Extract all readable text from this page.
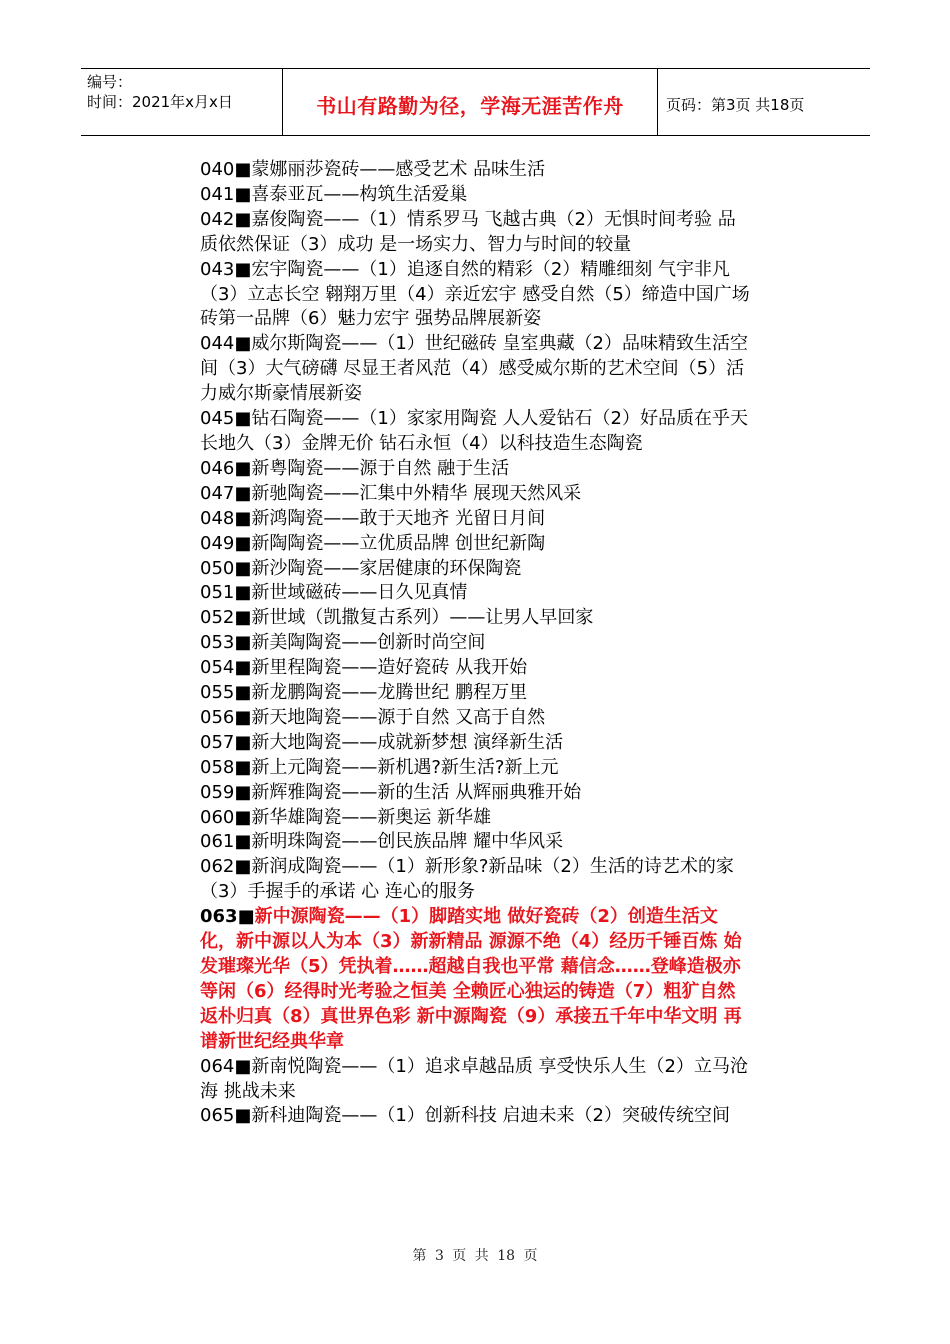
编号：
时间：2021年x月x日	书山有路勤为径，学海无涯苦作舟	页码：第3页 共18页
040■蒙娜丽莎瓷砖——感受艺术 品味生活
041■喜泰亚瓦——构筑生活爱巢
042■嘉俊陶瓷——（1）情系罗马 飞越古典（2）无惧时间考验 品质依然保证（3）成功 是一场实力、智力与时间的较量
043■宏宇陶瓷——（1）追逐自然的精彩（2）精雕细刻 气宇非凡（3）立志长空 翱翔万里（4）亲近宏宇 感受自然（5）缔造中国广场砖第一品牌（6）魅力宏宇 强势品牌展新姿
044■威尔斯陶瓷——（1）世纪磁砖 皇室典藏（2）品味精致生活空间（3）大气磅礴 尽显王者风范（4）感受威尔斯的艺术空间（5）活力威尔斯豪情展新姿
045■钻石陶瓷——（1）家家用陶瓷 人人爱钻石（2）好品质在乎天长地久（3）金牌无价 钻石永恒（4）以科技造生态陶瓷
046■新粤陶瓷——源于自然 融于生活
047■新驰陶瓷——汇集中外精华 展现天然风采
048■新鸿陶瓷——敢于天地齐 光留日月间
049■新陶陶瓷——立优质品牌 创世纪新陶
050■新沙陶瓷——家居健康的环保陶瓷
051■新世域磁砖——日久见真情
052■新世域（凯撒复古系列）——让男人早回家
053■新美陶陶瓷——创新时尚空间
054■新里程陶瓷——造好瓷砖 从我开始
055■新龙鹏陶瓷——龙腾世纪 鹏程万里
056■新天地陶瓷——源于自然 又高于自然
057■新大地陶瓷——成就新梦想 演绎新生活
058■新上元陶瓷——新机遇?新生活?新上元
059■新辉雅陶瓷——新的生活 从辉丽典雅开始
060■新华雄陶瓷——新奥运 新华雄
061■新明珠陶瓷——创民族品牌 耀中华风采
062■新润成陶瓷——（1）新形象?新品味（2）生活的诗艺术的家（3）手握手的承诺 心 连心的服务
063■新中源陶瓷——（1）脚踏实地 做好瓷砖（2）创造生活文化，新中源以人为本（3）新新精品 源源不绝（4）经历千锤百炼 始发璀璨光华（5）凭执着……超越自我也平常 藉信念……登峰造极亦等闲（6）经得时光考验之恒美 全赖匠心独运的铸造（7）粗犷自然 返朴归真（8）真世界色彩 新中源陶瓷（9）承接五千年中华文明 再谱新世纪经典华章
064■新南悦陶瓷——（1）追求卓越品质 享受快乐人生（2）立马沧海 挑战未来
065■新科迪陶瓷——（1）创新科技 启迪未来（2）突破传统空间
第 3 页 共 18 页
